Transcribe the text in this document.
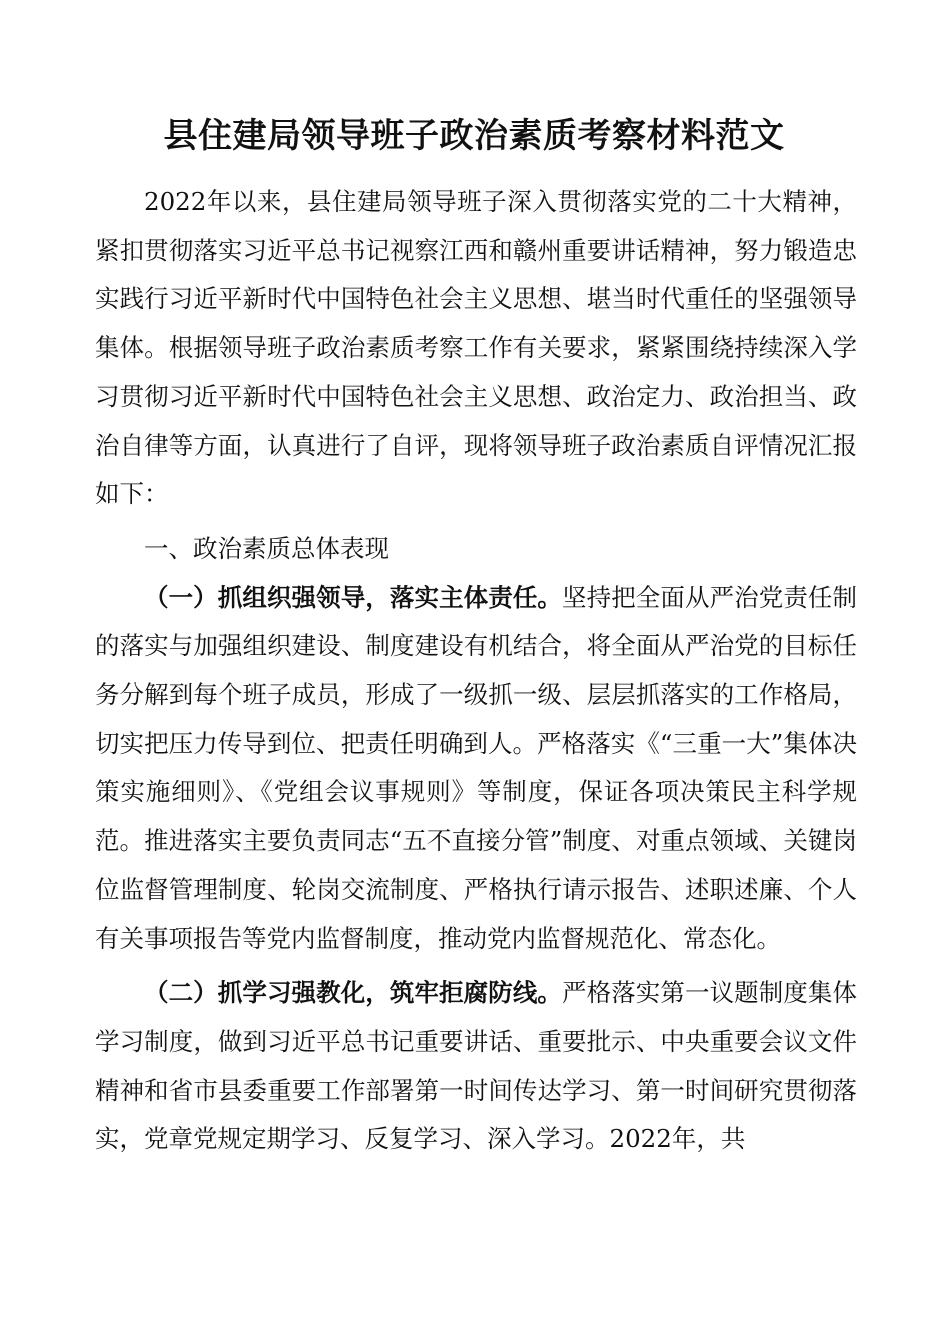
县住建局领导班子政治素质考察材料范文

2022年以来，县住建局领导班子深入贯彻落实党的二十大精神，紧扣贯彻落实习近平总书记视察江西和赣州重要讲话精神，努力锻造忠实践行习近平新时代中国特色社会主义思想、堪当时代重任的坚强领导集体。根据领导班子政治素质考察工作有关要求，紧紧围绕持续深入学习贯彻习近平新时代中国特色社会主义思想、政治定力、政治担当、政治自律等方面，认真进行了自评，现将领导班子政治素质自评情况汇报如下：

一、政治素质总体表现

（一）抓组织强领导，落实主体责任。坚持把全面从严治党责任制的落实与加强组织建设、制度建设有机结合，将全面从严治党的目标任务分解到每个班子成员，形成了一级抓一级、层层抓落实的工作格局，切实把压力传导到位、把责任明确到人。严格落实《“三重一大”集体决策实施细则》、《党组会议事规则》等制度，保证各项决策民主科学规范。推进落实主要负责同志“五不直接分管”制度、对重点领域、关键岗位监督管理制度、轮岗交流制度、严格执行请示报告、述职述廉、个人有关事项报告等党内监督制度，推动党内监督规范化、常态化。

（二）抓学习强教化，筑牢拒腐防线。严格落实第一议题制度集体学习制度，做到习近平总书记重要讲话、重要批示、中央重要会议文件精神和省市县委重要工作部署第一时间传达学习、第一时间研究贯彻落实，党章党规定期学习、反复学习、深入学习。2022年，共
